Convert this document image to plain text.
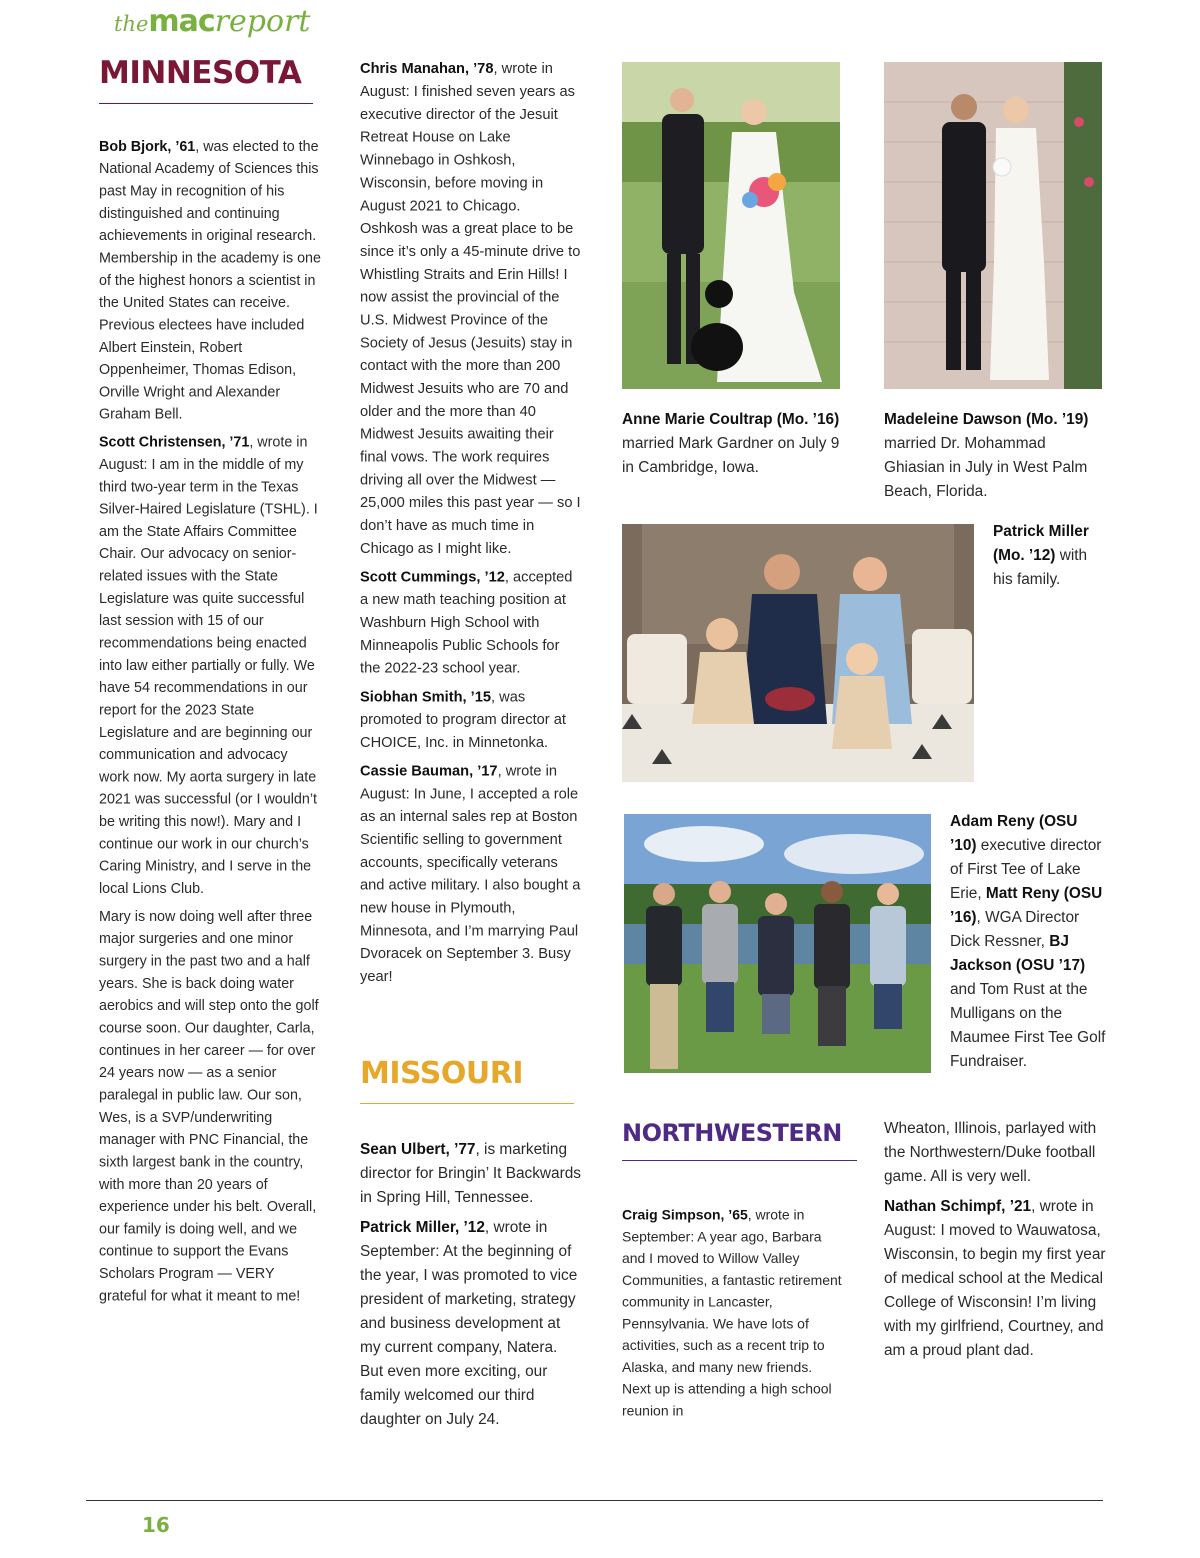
themacreport
MINNESOTA

Bob Bjork, ’61, was elected to the National Academy of Sciences this past May in recognition of his distinguished and continuing achievements in original research. Membership in the academy is one of the highest honors a scientist in the United States can receive. Previous electees have included Albert Einstein, Robert Oppenheimer, Thomas Edison, Orville Wright and Alexander Graham Bell.

Scott Christensen, ’71, wrote in August: I am in the middle of my third two-year term in the Texas Silver-Haired Legislature (TSHL). I am the State Affairs Committee Chair. Our advocacy on senior-related issues with the State Legislature was quite successful last session with 15 of our recommendations being enacted into law either partially or fully. We have 54 recommendations in our report for the 2023 State Legislature and are beginning our communication and advocacy work now. My aorta surgery in late 2021 was successful (or I wouldn’t be writing this now!). Mary and I continue our work in our church’s Caring Ministry, and I serve in the local Lions Club.

Mary is now doing well after three major surgeries and one minor surgery in the past two and a half years. She is back doing water aerobics and will step onto the golf course soon. Our daughter, Carla, continues in her career — for over 24 years now — as a senior paralegal in public law. Our son, Wes, is a SVP/underwriting manager with PNC Financial, the sixth largest bank in the country, with more than 20 years of experience under his belt. Overall, our family is doing well, and we continue to support the Evans Scholars Program — VERY grateful for what it meant to me!

Chris Manahan, ’78, wrote in August: I finished seven years as executive director of the Jesuit Retreat House on Lake Winnebago in Oshkosh, Wisconsin, before moving in August 2021 to Chicago. Oshkosh was a great place to be since it’s only a 45-minute drive to Whistling Straits and Erin Hills! I now assist the provincial of the U.S. Midwest Province of the Society of Jesus (Jesuits) stay in contact with the more than 200 Midwest Jesuits who are 70 and older and the more than 40 Midwest Jesuits awaiting their final vows. The work requires driving all over the Midwest — 25,000 miles this past year — so I don’t have as much time in Chicago as I might like.

Scott Cummings, ’12, accepted a new math teaching position at Washburn High School with Minneapolis Public Schools for the 2022-23 school year.

Siobhan Smith, ’15, was promoted to program director at CHOICE, Inc. in Minnetonka.

Cassie Bauman, ’17, wrote in August: In June, I accepted a role as an internal sales rep at Boston Scientific selling to government accounts, specifically veterans and active military. I also bought a new house in Plymouth, Minnesota, and I’m marrying Paul Dvoracek on September 3. Busy year!

MISSOURI

Sean Ulbert, ’77, is marketing director for Bringin’ It Backwards in Spring Hill, Tennessee.

Patrick Miller, ’12, wrote in September: At the beginning of the year, I was promoted to vice president of marketing, strategy and business development at my current company, Natera. But even more exciting, our family welcomed our third daughter on July 24.

Anne Marie Coultrap (Mo. ’16) married Mark Gardner on July 9 in Cambridge, Iowa.
Madeleine Dawson (Mo. ’19) married Dr. Mohammad Ghiasian in July in West Palm Beach, Florida.
Patrick Miller (Mo. ’12) with his family.
Adam Reny (OSU ’10) executive director of First Tee of Lake Erie, Matt Reny (OSU ’16), WGA Director Dick Ressner, BJ Jackson (OSU ’17) and Tom Rust at the Mulligans on the Maumee First Tee Golf Fundraiser.
NORTHWESTERN

Craig Simpson, ’65, wrote in September: A year ago, Barbara and I moved to Willow Valley Communities, a fantastic retirement community in Lancaster, Pennsylvania. We have lots of activities, such as a recent trip to Alaska, and many new friends. Next up is attending a high school reunion in

Wheaton, Illinois, parlayed with the Northwestern/Duke football game. All is very well.

Nathan Schimpf, ’21, wrote in August: I moved to Wauwatosa, Wisconsin, to begin my first year of medical school at the Medical College of Wisconsin! I’m living with my girlfriend, Courtney, and am a proud plant dad.

16
